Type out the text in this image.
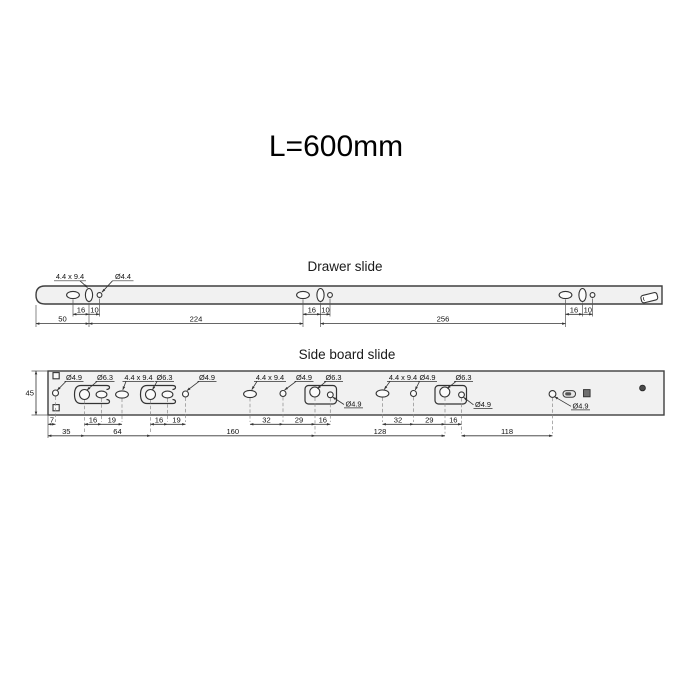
L=600mm
Drawer slide
4.4 x 9.4	Ø4.4
16 10	16 10	16 10
50	224	256
Side board slide
45
Ø4.9 Ø6.3 4.4 x 9.4 Ø6.3	Ø4.9	4.4 x 9.4 Ø4.9 Ø6.3
Ø4.9
4.4 x 9.4 Ø4.9	Ø6.3
Ø4.9	Ø4.9
7	16 19	16 19	32	29 16	32	29 16
35	64	160	128	118
